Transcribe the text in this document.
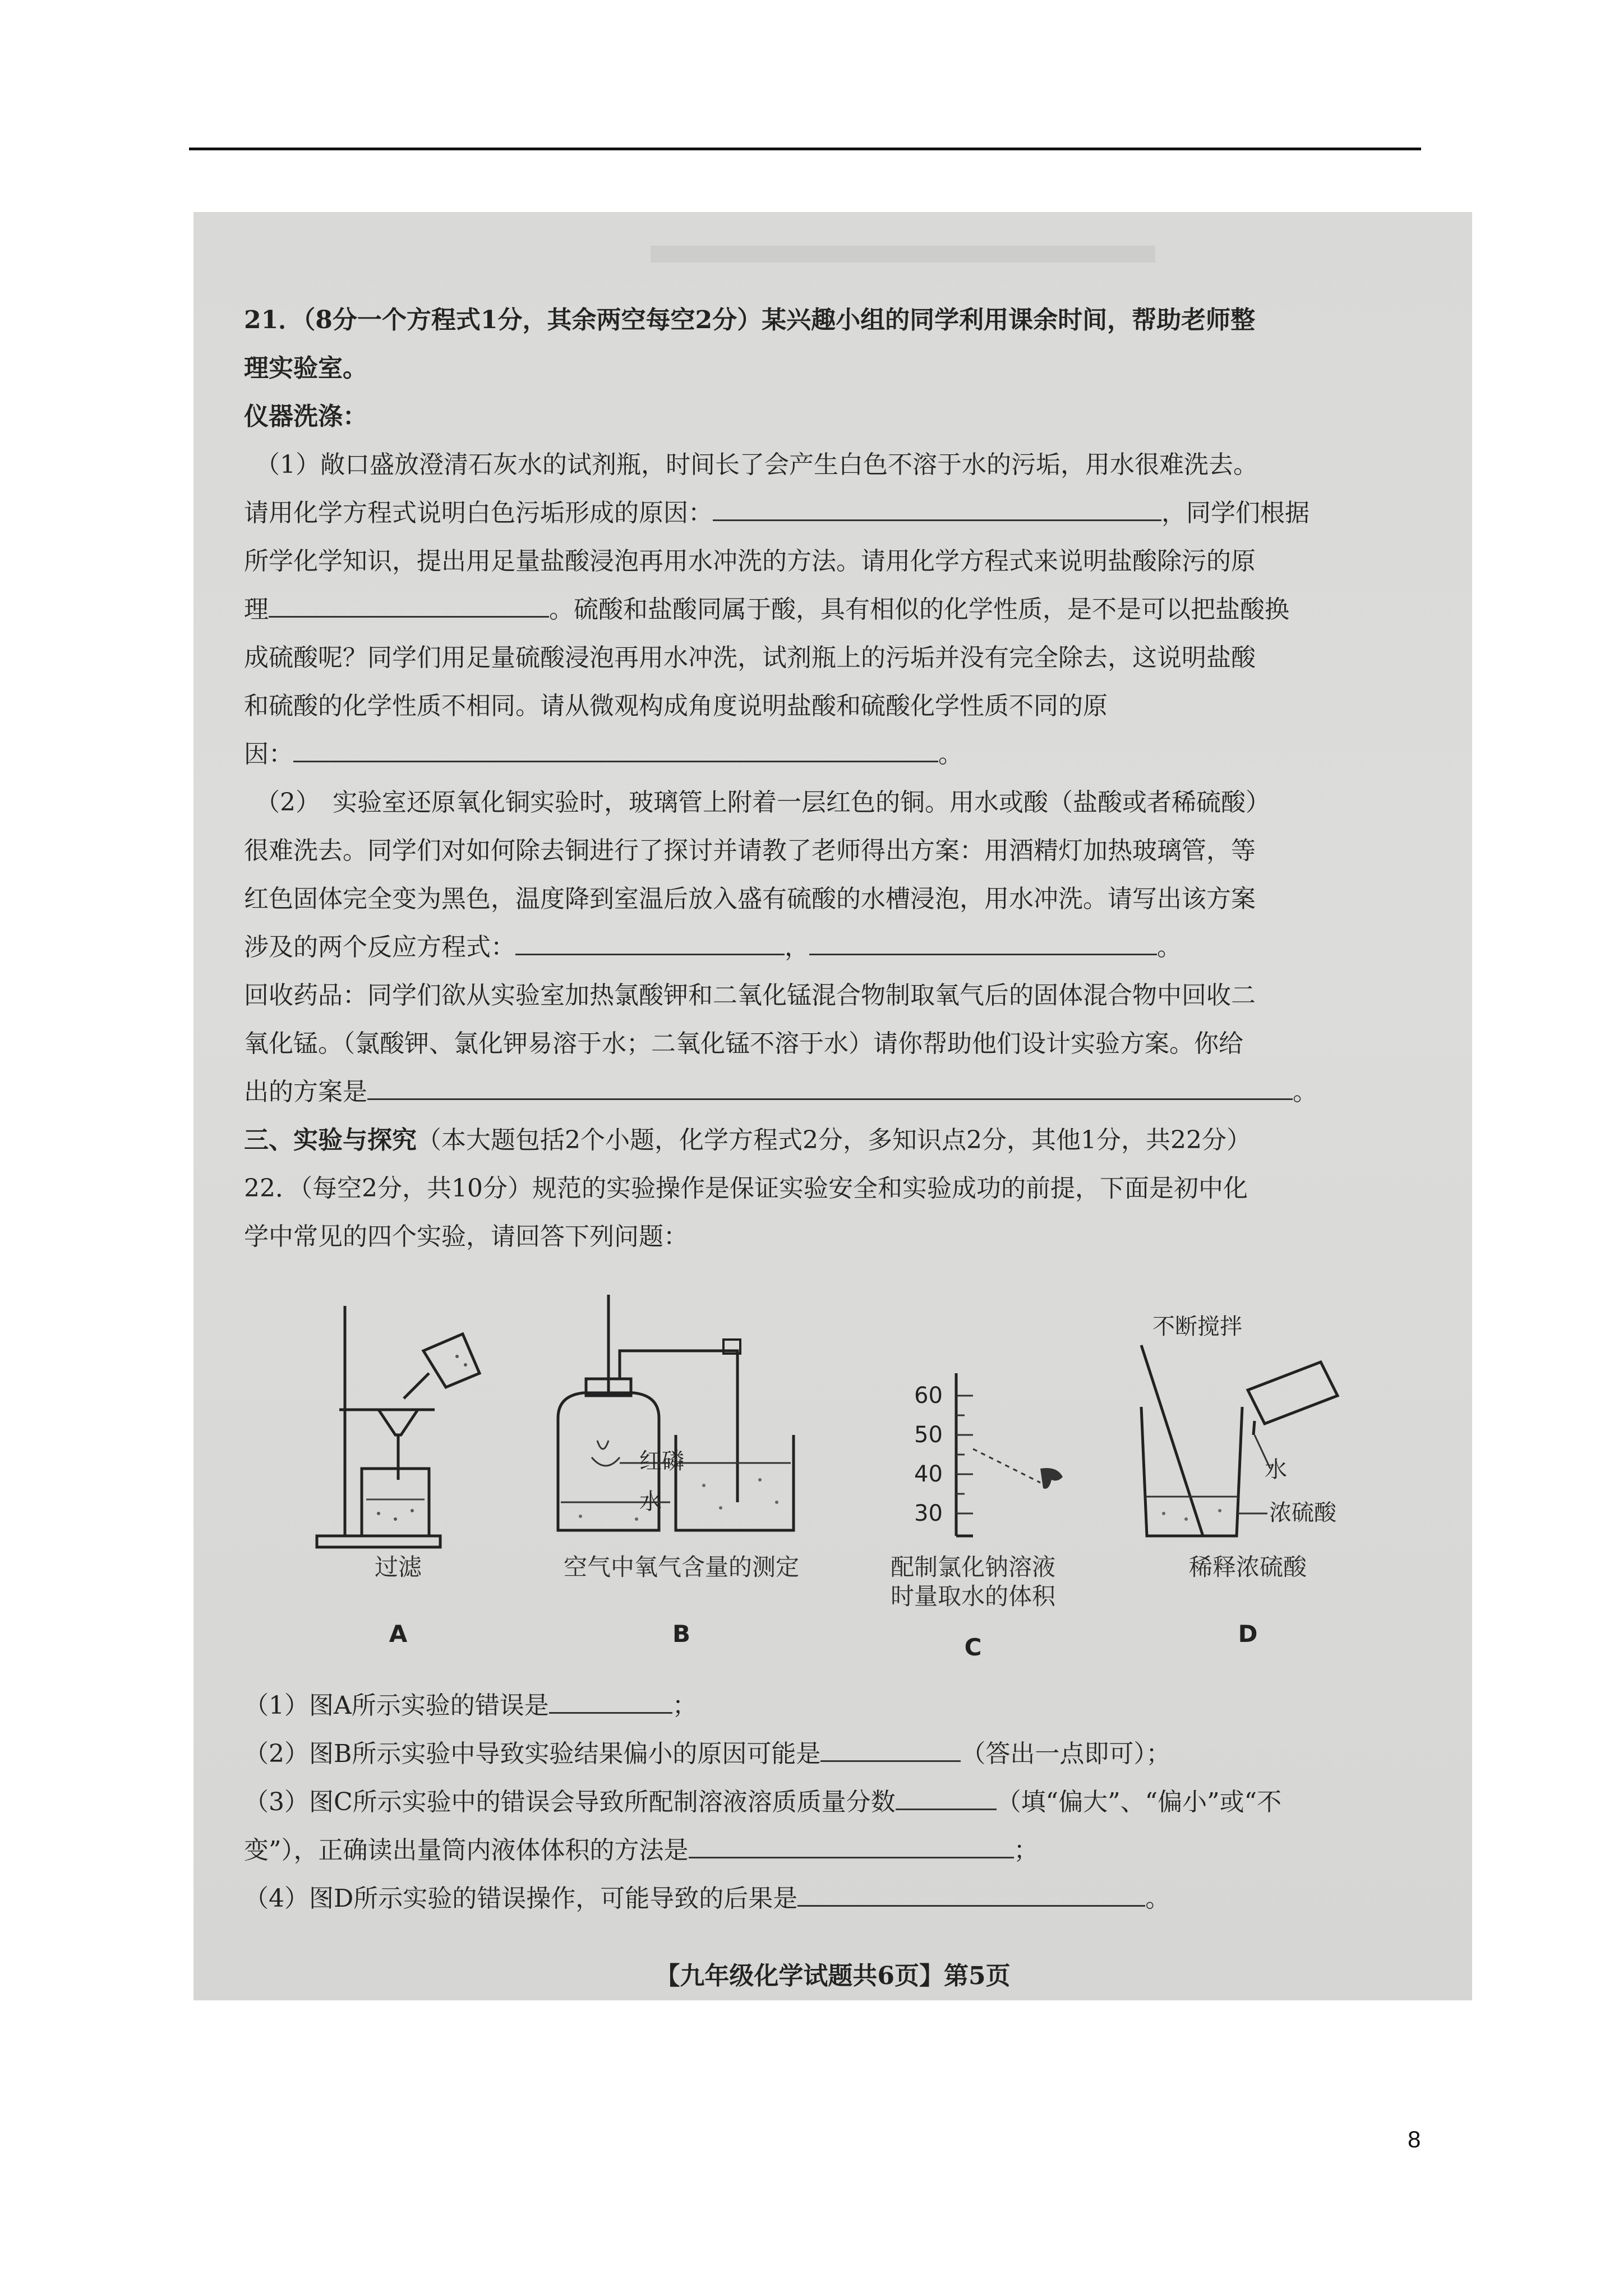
21．（8分一个方程式1分，其余两空每空2分）某兴趣小组的同学利用课余时间，帮助老师整

理实验室。

仪器洗涤：

（1）敞口盛放澄清石灰水的试剂瓶，时间长了会产生白色不溶于水的污垢，用水很难洗去。

请用化学方程式说明白色污垢形成的原因：	，同学们根据

所学化学知识，提出用足量盐酸浸泡再用水冲洗的方法。请用化学方程式来说明盐酸除污的原

理	。硫酸和盐酸同属于酸，具有相似的化学性质，是不是可以把盐酸换

成硫酸呢？同学们用足量硫酸浸泡再用水冲洗，试剂瓶上的污垢并没有完全除去，这说明盐酸

和硫酸的化学性质不相同。请从微观构成角度说明盐酸和硫酸化学性质不同的原

因：	。

（2）　实验室还原氧化铜实验时，玻璃管上附着一层红色的铜。用水或酸（盐酸或者稀硫酸）

很难洗去。同学们对如何除去铜进行了探讨并请教了老师得出方案：用酒精灯加热玻璃管，等

红色固体完全变为黑色，温度降到室温后放入盛有硫酸的水槽浸泡，用水冲洗。请写出该方案

涉及的两个反应方程式：	，	。

回收药品：同学们欲从实验室加热氯酸钾和二氧化锰混合物制取氧气后的固体混合物中回收二

氧化锰。（氯酸钾、氯化钾易溶于水；二氧化锰不溶于水）请你帮助他们设计实验方案。你给

出的方案是	。

三、实验与探究（本大题包括2个小题，化学方程式2分，多知识点2分，其他1分，共22分）

22．（每空2分，共10分）规范的实验操作是保证实验安全和实验成功的前提，下面是初中化

学中常见的四个实验，请回答下列问题：

过滤
A
红磷
水
空气中氧气含量的测定
B
60
50
40
30
配制氯化钠溶液
时量取水的体积
C
不断搅拌
水
浓硫酸
稀释浓硫酸
D

（1）图A所示实验的错误是	；

（2）图B所示实验中导致实验结果偏小的原因可能是	（答出一点即可）；

（3）图C所示实验中的错误会导致所配制溶液溶质质量分数	（填“偏大”、“偏小”或“不

变”），正确读出量筒内液体体积的方法是	；

（4）图D所示实验的错误操作，可能导致的后果是	。

【九年级化学试题共6页】第5页
8
